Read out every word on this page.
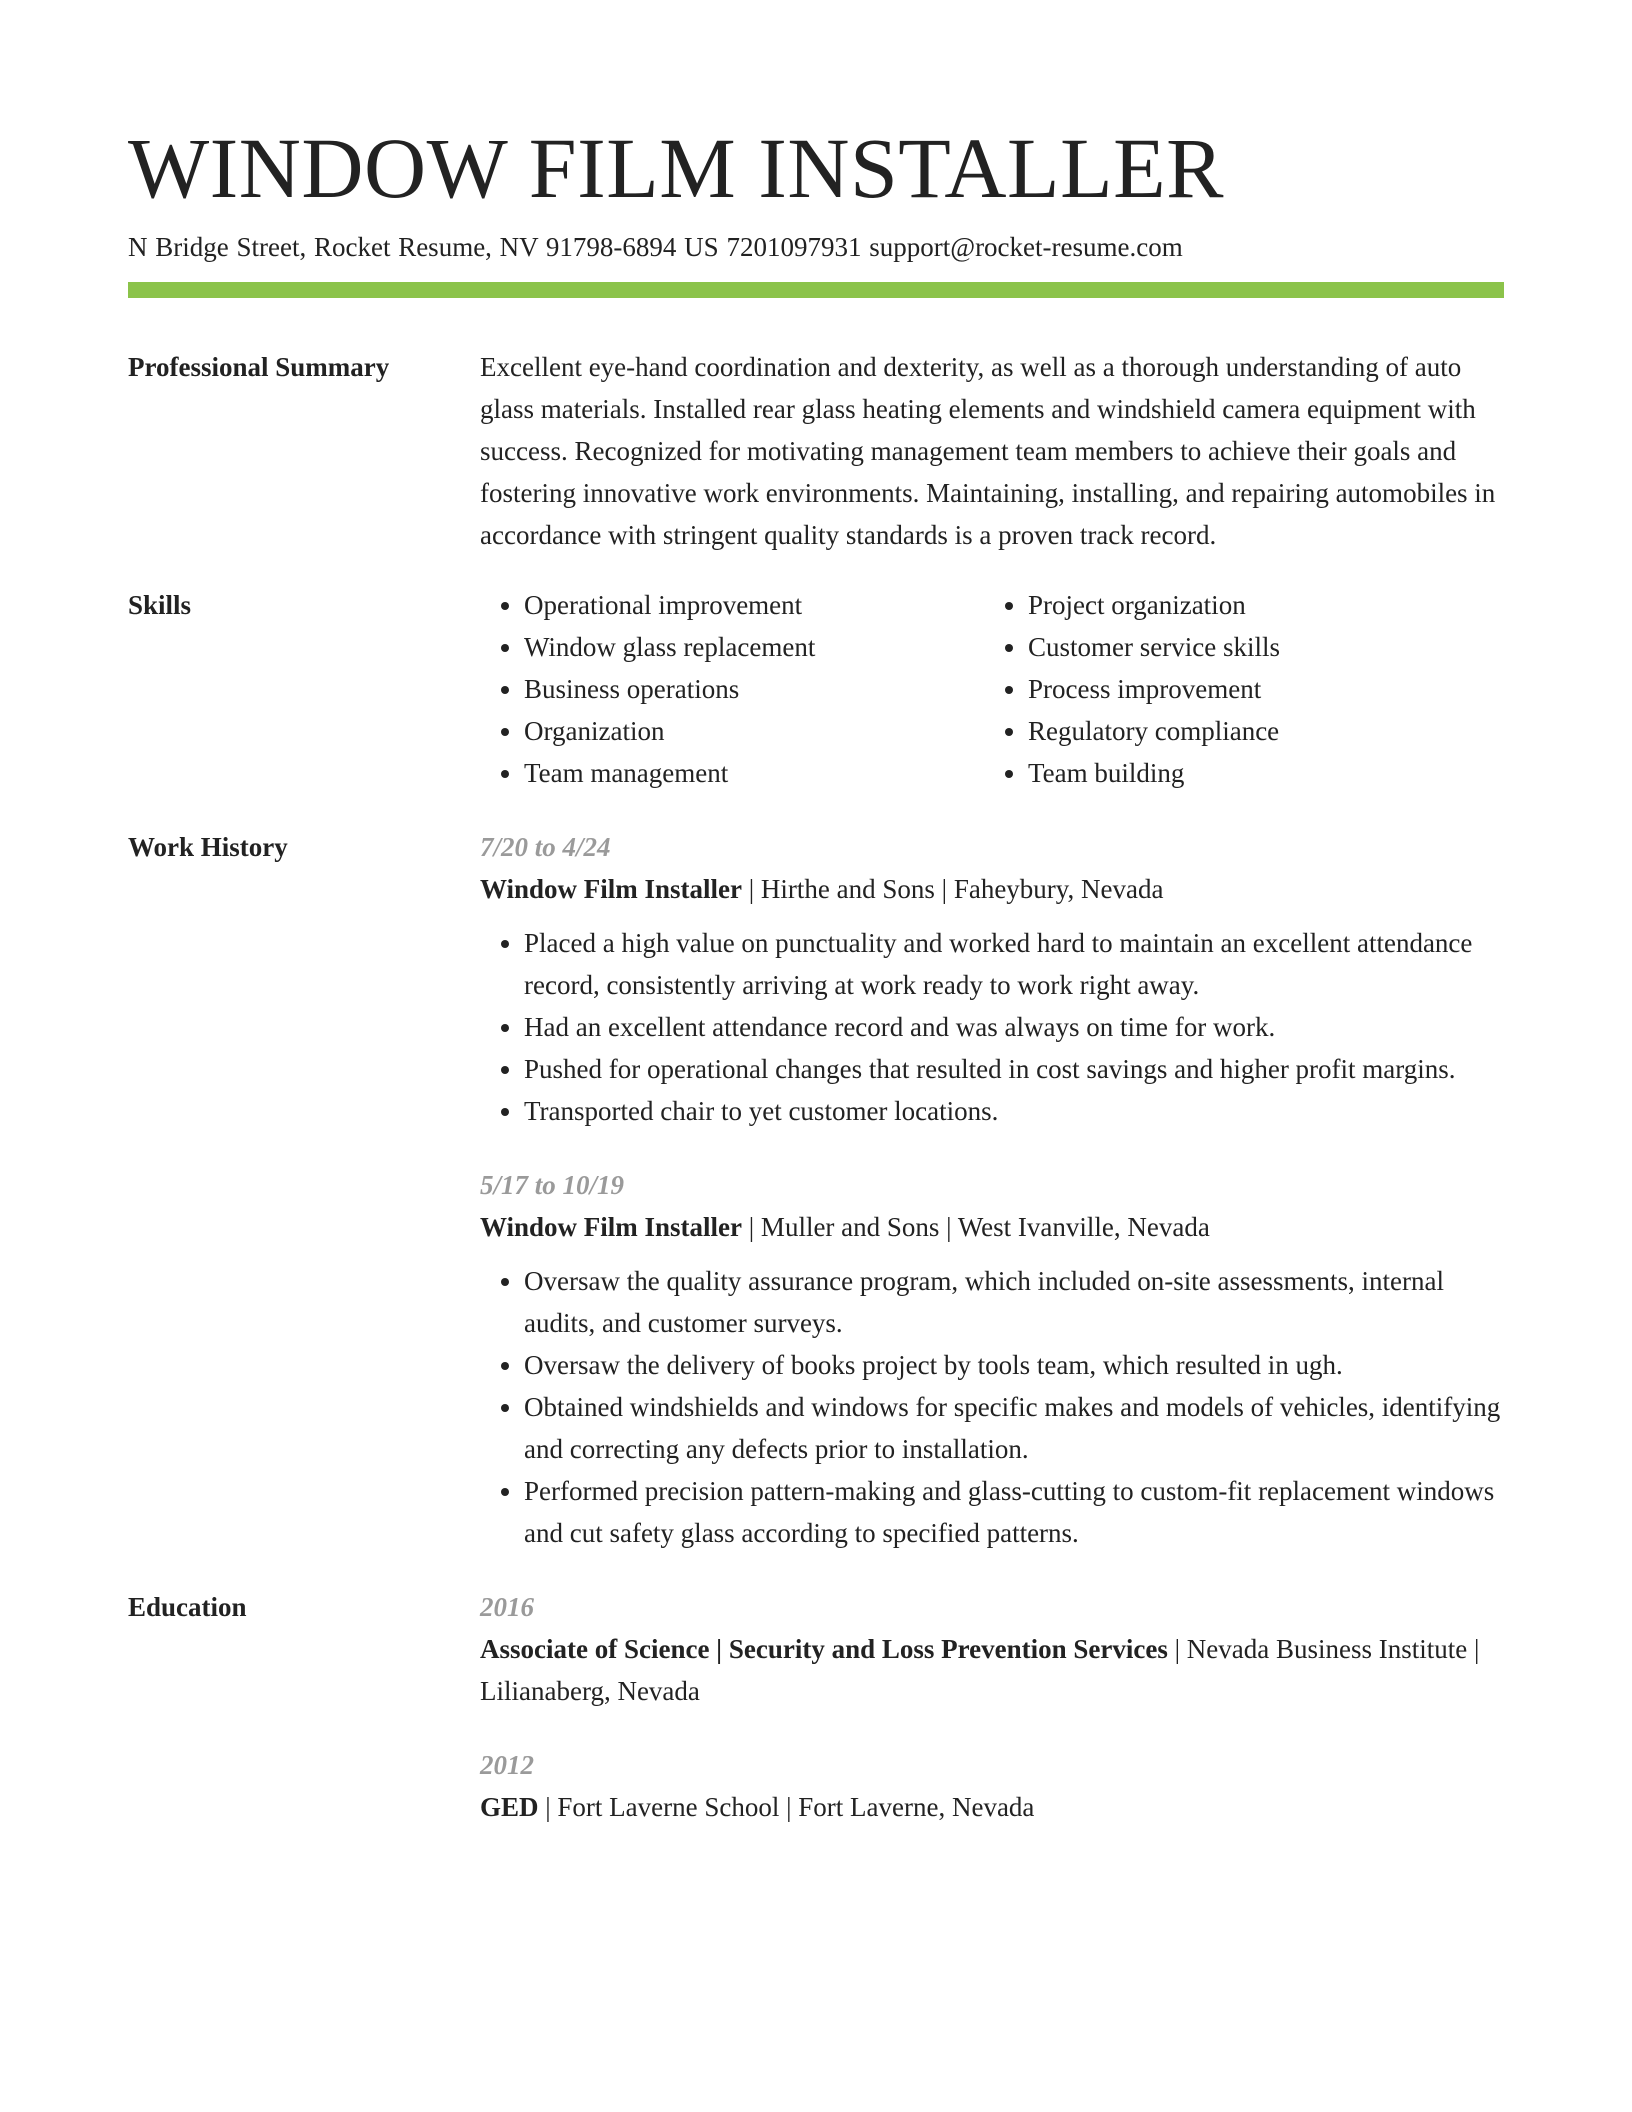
WINDOW FILM INSTALLER
N Bridge Street, Rocket Resume, NV 91798-6894 US 7201097931 support@rocket-resume.com
Professional Summary	Excellent eye-hand coordination and dexterity, as well as a thorough understanding of auto glass materials. Installed rear glass heating elements and windshield camera equipment with success. Recognized for motivating management team members to achieve their goals and fostering innovative work environments. Maintaining, installing, and repairing automobiles in accordance with stringent quality standards is a proven track record.

Skills
•	Operational improvement
• Window glass replacement
• Business operations
• Organization
• Team management
• Project organization
• Customer service skills
• Process improvement
• Regulatory compliance
• Team building
Work History	7/20 to 4/24
Window Film Installer | Hirthe and Sons | Faheybury, Nevada
• Placed a high value on punctuality and worked hard to maintain an excellent attendance record, consistently arriving at work ready to work right away.
• Had an excellent attendance record and was always on time for work.
• Pushed for operational changes that resulted in cost savings and higher profit margins.
• Transported chair to yet customer locations.
5/17 to 10/19
Window Film Installer | Muller and Sons | West Ivanville, Nevada
• Oversaw the quality assurance program, which included on-site assessments, internal audits, and customer surveys.
• Oversaw the delivery of books project by tools team, which resulted in ugh.
• Obtained windshields and windows for specific makes and models of vehicles, identifying and correcting any defects prior to installation.
• Performed precision pattern-making and glass-cutting to custom-fit replacement windows and cut safety glass according to specified patterns.
Education	2016
Associate of Science | Security and Loss Prevention Services | Nevada Business Institute | Lilianaberg, Nevada
2012
GED | Fort Laverne School | Fort Laverne, Nevada
